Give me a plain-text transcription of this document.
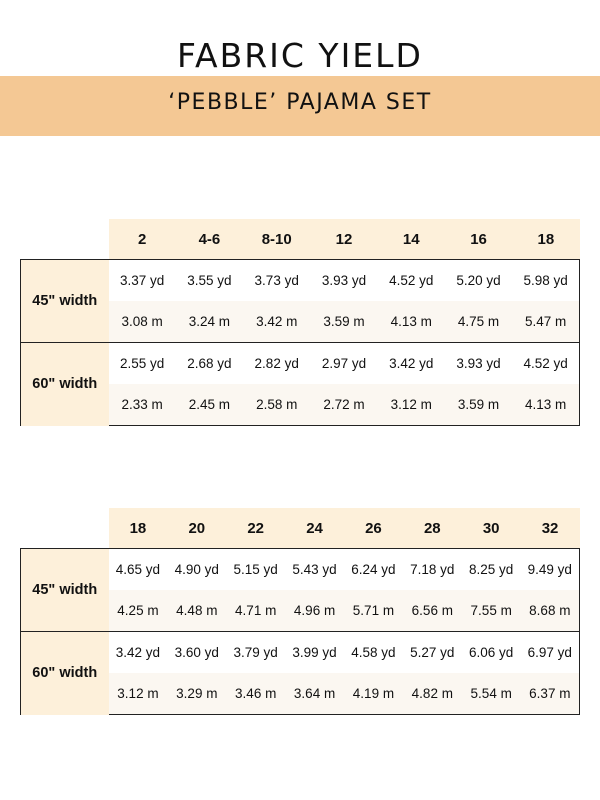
FABRIC YIELD
‘PEBBLE’ PAJAMA SET
	2	4-6	8-10	12	14	16	18
45" width	3.37 yd	3.55 yd	3.73 yd	3.93 yd	4.52 yd	5.20 yd	5.98 yd
	3.08 m	3.24 m	3.42 m	3.59 m	4.13 m	4.75 m	5.47 m
60" width	2.55 yd	2.68 yd	2.82 yd	2.97 yd	3.42 yd	3.93 yd	4.52 yd
	2.33 m	2.45 m	2.58 m	2.72 m	3.12 m	3.59 m	4.13 m
	18	20	22	24	26	28	30	32
45" width	4.65 yd	4.90 yd	5.15 yd	5.43 yd	6.24 yd	7.18 yd	8.25 yd	9.49 yd
	4.25 m	4.48 m	4.71 m	4.96 m	5.71 m	6.56 m	7.55 m	8.68 m
60" width	3.42 yd	3.60 yd	3.79 yd	3.99 yd	4.58 yd	5.27 yd	6.06 yd	6.97 yd
	3.12 m	3.29 m	3.46 m	3.64 m	4.19 m	4.82 m	5.54 m	6.37 m
